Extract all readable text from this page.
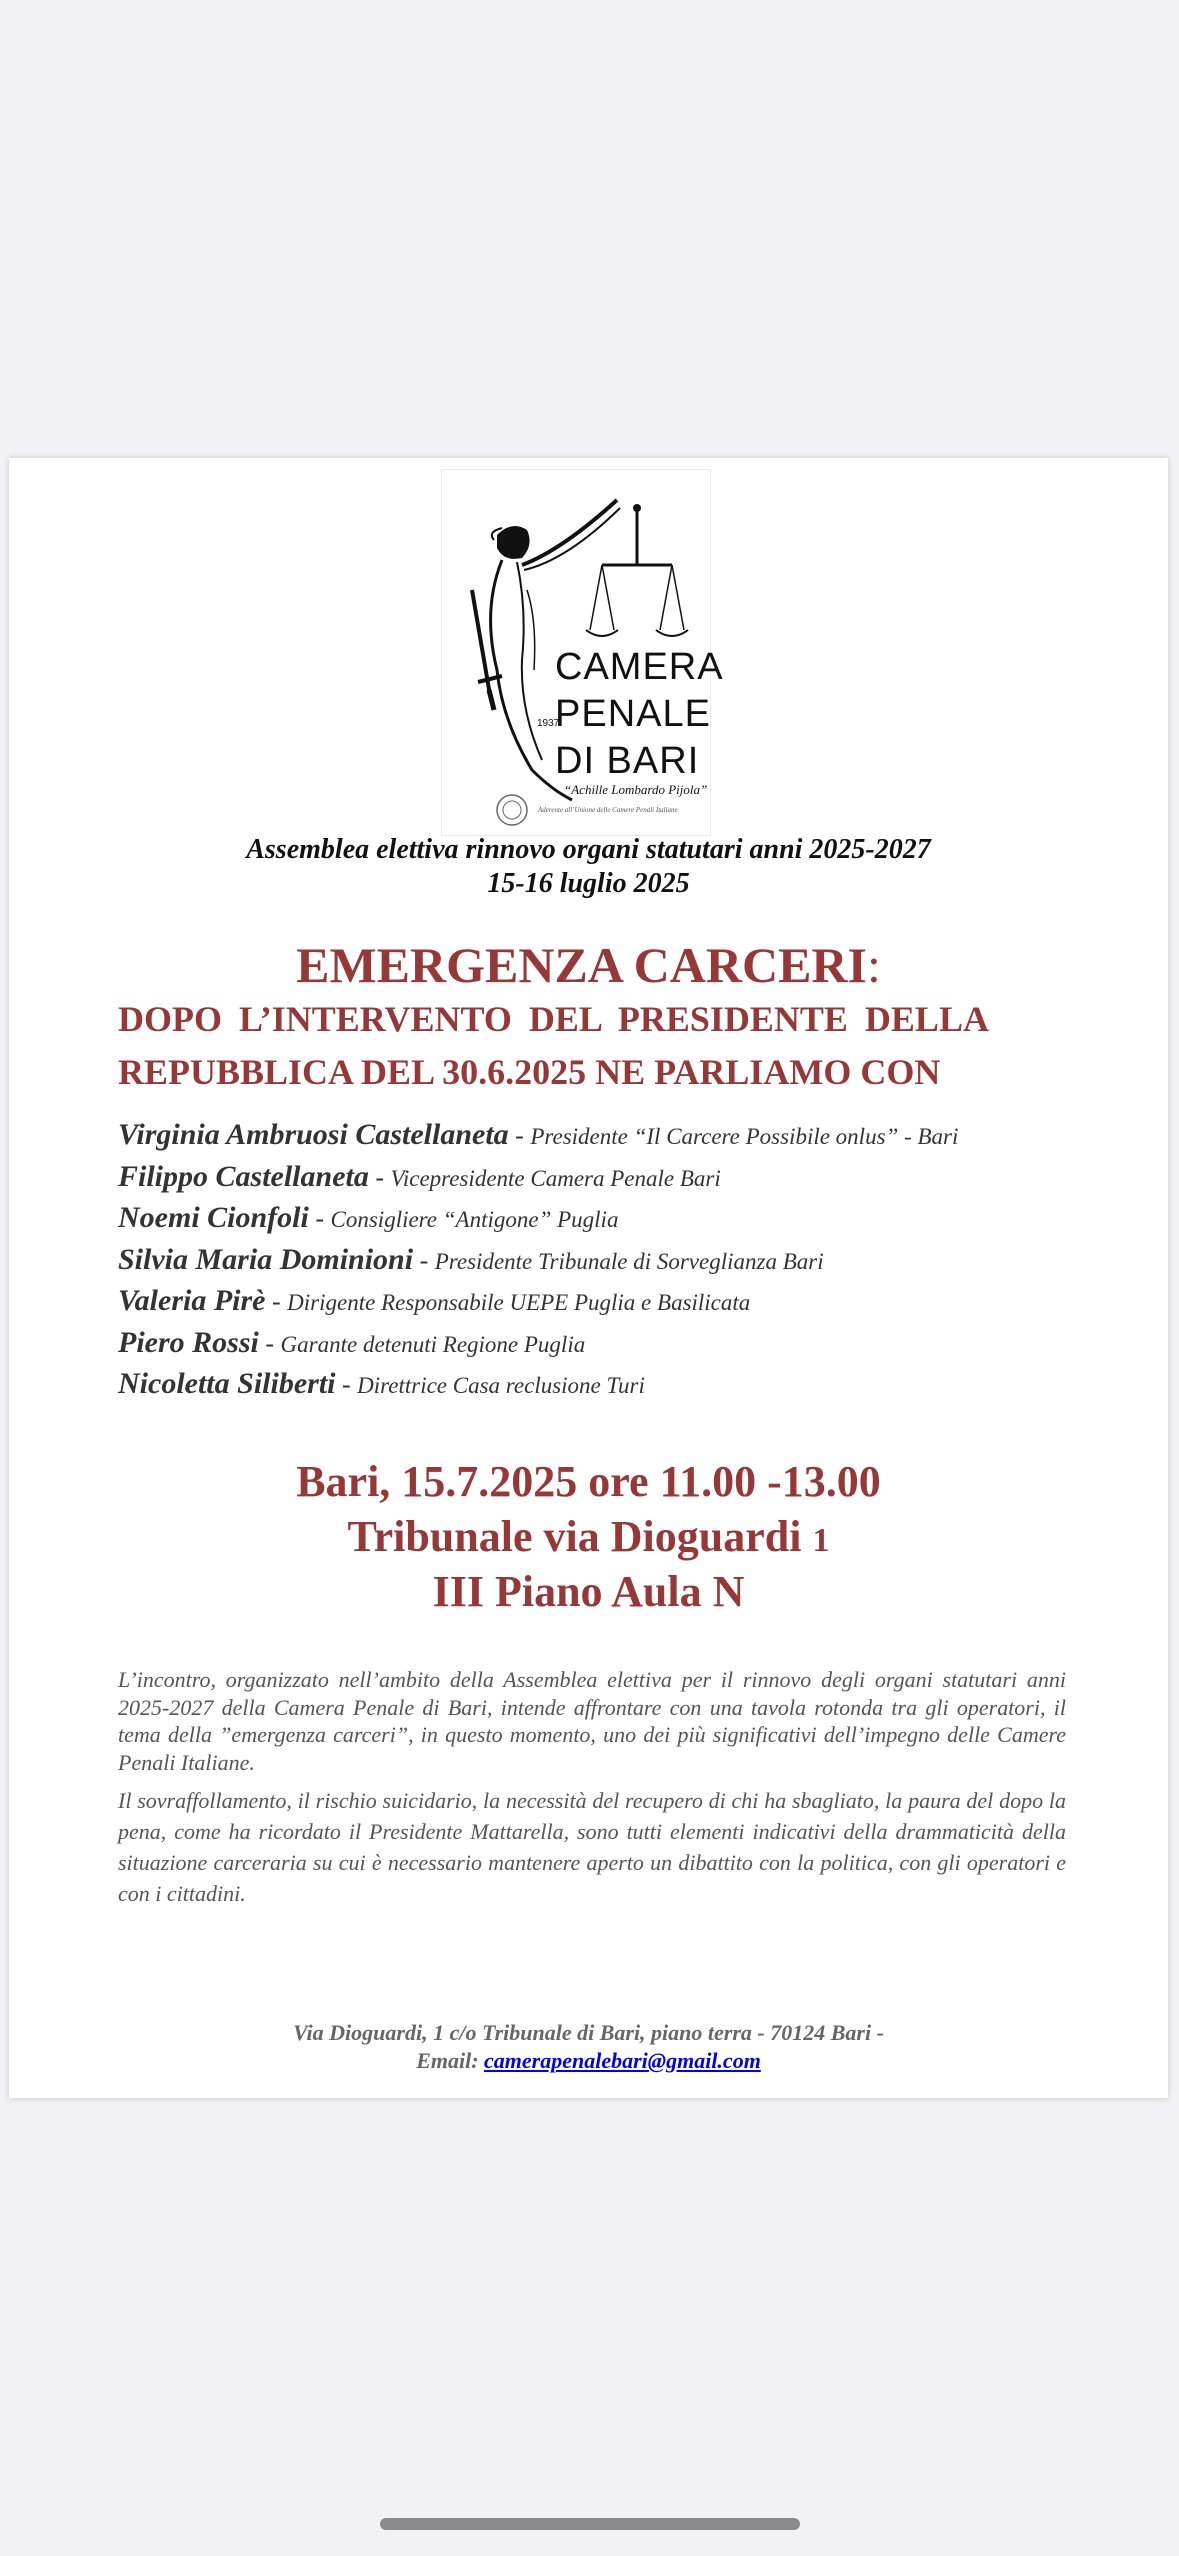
CAMERA
PENALE
DI BARI
1937
“Achille Lombardo Pijola”
Aderente all’Unione delle Camere Penali Italiane
Assemblea elettiva rinnovo organi statutari anni 2025-2027
15-16 luglio 2025
EMERGENZA CARCERI:
DOPO L’INTERVENTO DEL PRESIDENTE DELLA
REPUBBLICA DEL 30.6.2025 NE PARLIAMO CON
Virginia Ambruosi Castellaneta - Presidente “Il Carcere Possibile onlus” - Bari
Filippo Castellaneta - Vicepresidente Camera Penale Bari
Noemi Cionfoli - Consigliere “Antigone” Puglia
Silvia Maria Dominioni - Presidente Tribunale di Sorveglianza Bari
Valeria Pirè - Dirigente Responsabile UEPE Puglia e Basilicata
Piero Rossi - Garante detenuti Regione Puglia
Nicoletta Siliberti - Direttrice Casa reclusione Turi
Bari, 15.7.2025 ore 11.00 -13.00
Tribunale via Dioguardi 1
III Piano Aula N
L’incontro, organizzato nell’ambito della Assemblea elettiva per il rinnovo degli organi statutari anni 2025-2027 della Camera Penale di Bari, intende affrontare con una tavola rotonda tra gli operatori, il tema della ”emergenza carceri”, in questo momento, uno dei più significativi dell’impegno delle Camere Penali Italiane.
Il sovraffollamento, il rischio suicidario, la necessità del recupero di chi ha sbagliato, la paura del dopo la pena, come ha ricordato il Presidente Mattarella, sono tutti elementi indicativi della drammaticità della situazione carceraria su cui è necessario mantenere aperto un dibattito con la politica, con gli operatori e con i cittadini.
Via Dioguardi, 1 c/o Tribunale di Bari, piano terra - 70124 Bari -
Email: camerapenalebari@gmail.com
